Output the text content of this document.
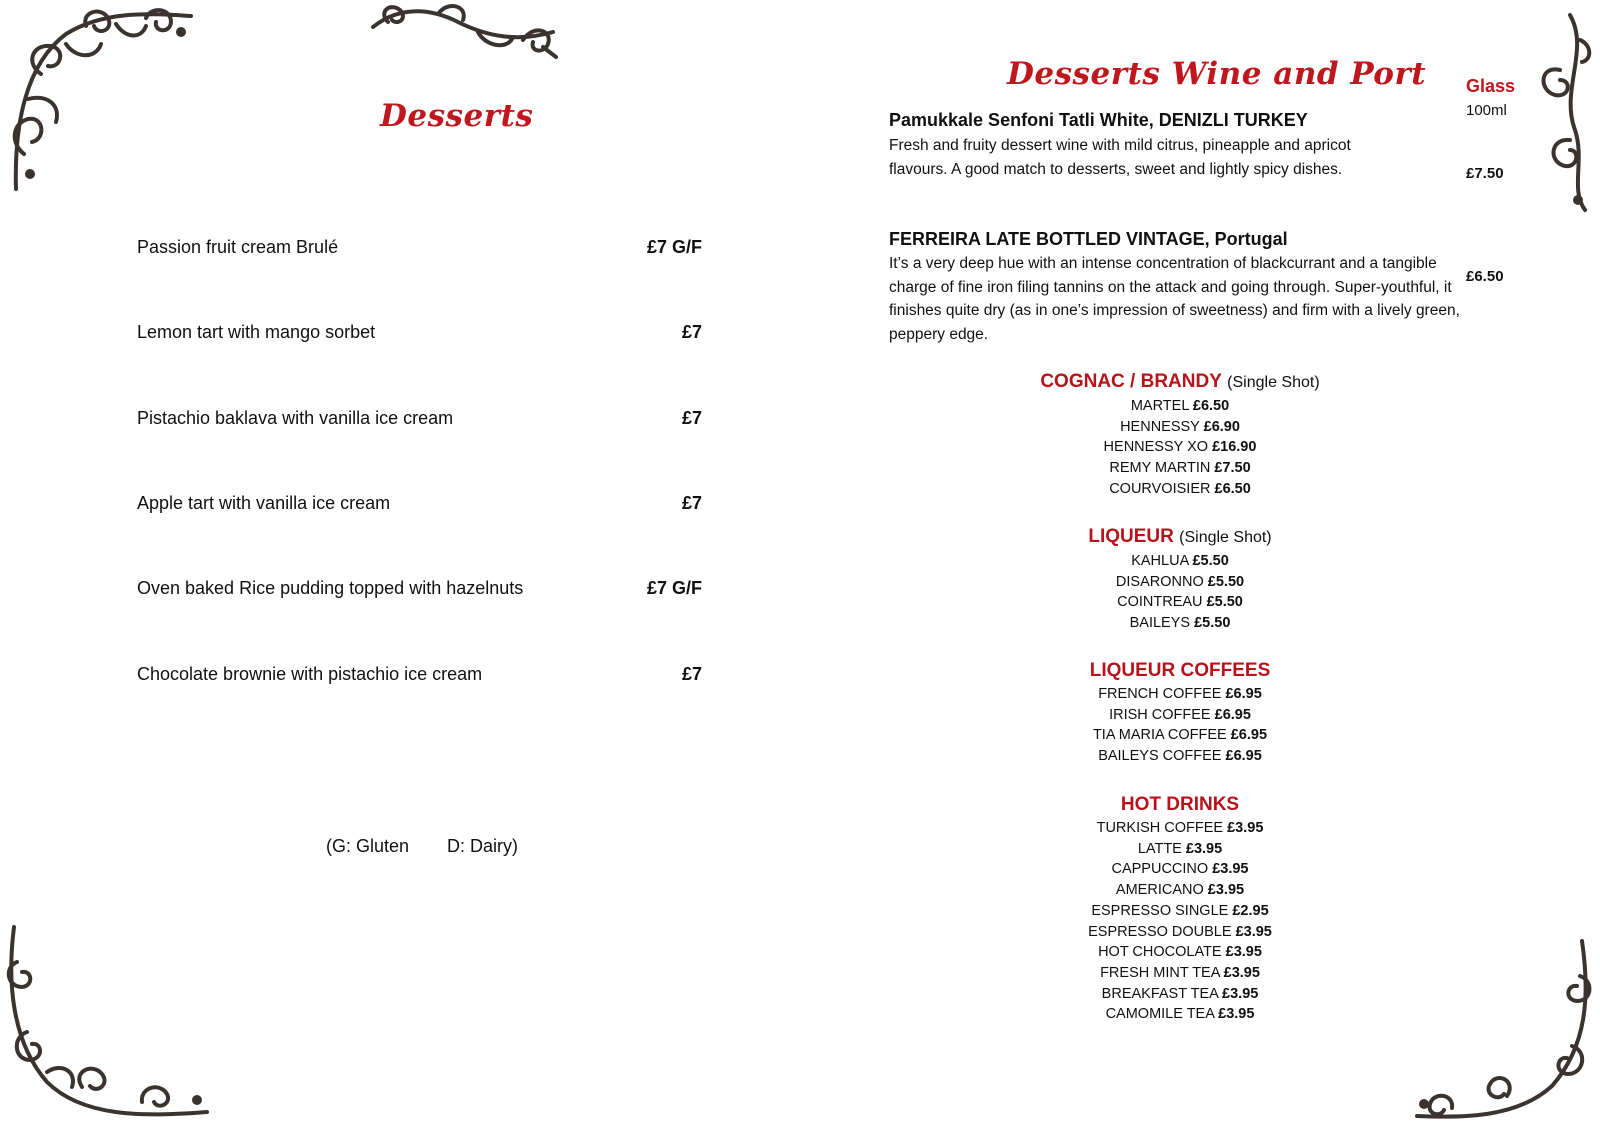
Desserts
Passion fruit cream Brulé	£7 G/F
Lemon tart with mango sorbet	£7
Pistachio baklava with vanilla ice cream	£7
Apple tart with vanilla ice cream	£7
Oven baked Rice pudding topped with hazelnuts	£7 G/F
Chocolate brownie with pistachio ice cream	£7
(G: Gluten D: Dairy)
Desserts Wine and Port Glass
100ml
Pamukkale Senfoni Tatli White, DENIZLI TURKEY
Fresh and fruity dessert wine with mild citrus, pineapple and apricot flavours. A good match to desserts, sweet and lightly spicy dishes.	£7.50
FERREIRA LATE BOTTLED VINTAGE, Portugal
It’s a very deep hue with an intense concentration of blackcurrant and a tangible charge of fine iron filing tannins on the attack and going through. Super-youthful, it finishes quite dry (as in one’s impression of sweetness) and firm with a lively green, peppery edge.
£6.50
COGNAC / BRANDY (Single Shot)
MARTEL £6.50
HENNESSY £6.90
HENNESSY XO £16.90
REMY MARTIN £7.50
COURVOISIER £6.50
LIQUEUR (Single Shot)
KAHLUA £5.50
DISARONNO £5.50
COINTREAU £5.50
BAILEYS £5.50
LIQUEUR COFFEES
FRENCH COFFEE £6.95
IRISH COFFEE £6.95
TIA MARIA COFFEE £6.95
BAILEYS COFFEE £6.95
HOT DRINKS
TURKISH COFFEE £3.95
LATTE £3.95
CAPPUCCINO £3.95
AMERICANO £3.95
ESPRESSO SINGLE £2.95
ESPRESSO DOUBLE £3.95
HOT CHOCOLATE £3.95
FRESH MINT TEA £3.95
BREAKFAST TEA £3.95
CAMOMILE TEA £3.95
